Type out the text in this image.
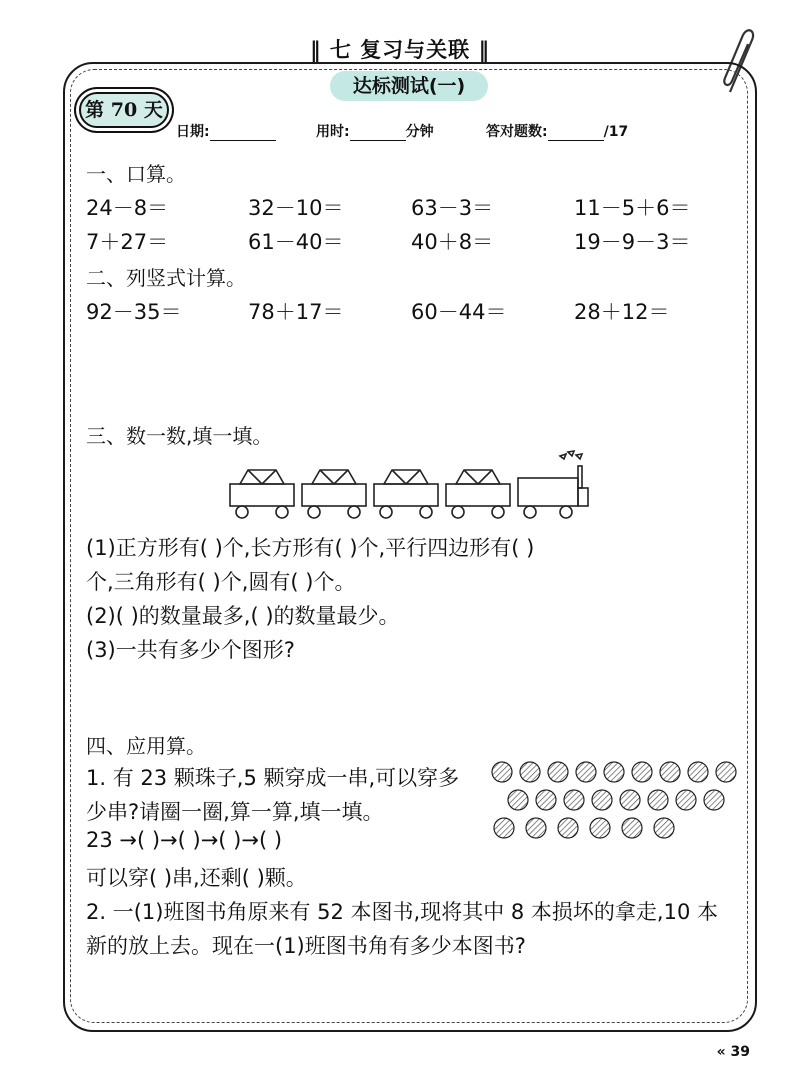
‖ 七 复习与关联 ‖
达标测试(一)
第 70 天
日期:	用时:	分钟	答对题数:	/17
一、口算。
24－8＝	32－10＝	63－3＝	11－5＋6＝
7＋27＝	61－40＝	40＋8＝	19－9－3＝
二、列竖式计算。
92－35＝	78＋17＝	60－44＝	28＋12＝
三、数一数,填一填。
(1)正方形有( )个,长方形有( )个,平行四边形有( )
个,三角形有( )个,圆有( )个。
(2)( )的数量最多,( )的数量最少。
(3)一共有多少个图形?
四、应用算。
1. 有 23 颗珠子,5 颗穿成一串,可以穿多
少串?请圈一圈,算一算,填一填。
23 →( )→( )→( )→( )
可以穿( )串,还剩( )颗。
2. 一(1)班图书角原来有 52 本图书,现将其中 8 本损坏的拿走,10 本
新的放上去。现在一(1)班图书角有多少本图书?
« 39
